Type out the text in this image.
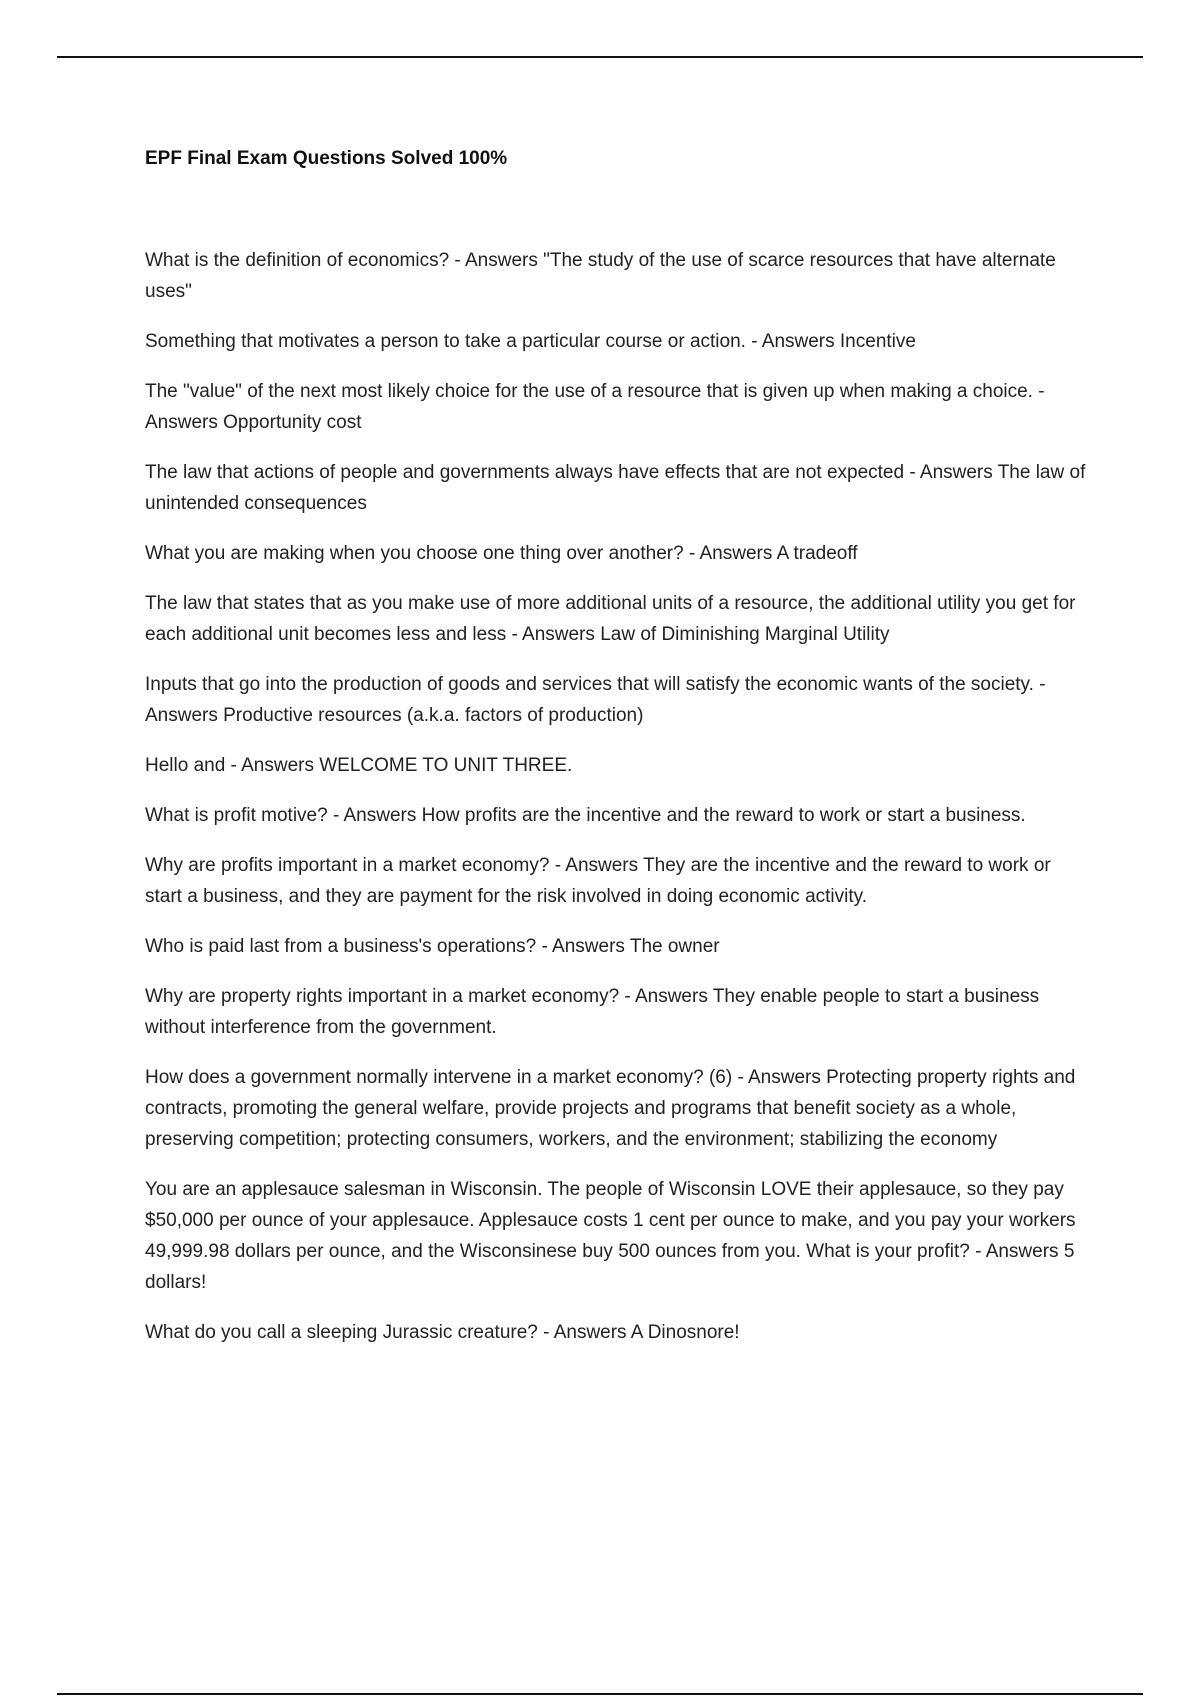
EPF Final Exam Questions Solved 100%

What is the definition of economics? - Answers "The study of the use of scarce resources that have alternate uses"

Something that motivates a person to take a particular course or action. - Answers Incentive

The "value" of the next most likely choice for the use of a resource that is given up when making a choice. - Answers Opportunity cost

The law that actions of people and governments always have effects that are not expected - Answers The law of unintended consequences

What you are making when you choose one thing over another? - Answers A tradeoff

The law that states that as you make use of more additional units of a resource, the additional utility you get for each additional unit becomes less and less - Answers Law of Diminishing Marginal Utility

Inputs that go into the production of goods and services that will satisfy the economic wants of the society. - Answers Productive resources (a.k.a. factors of production)

Hello and - Answers WELCOME TO UNIT THREE.

What is profit motive? - Answers How profits are the incentive and the reward to work or start a business.

Why are profits important in a market economy? - Answers They are the incentive and the reward to work or start a business, and they are payment for the risk involved in doing economic activity.

Who is paid last from a business's operations? - Answers The owner

Why are property rights important in a market economy? - Answers They enable people to start a business without interference from the government.

How does a government normally intervene in a market economy? (6) - Answers Protecting property rights and contracts, promoting the general welfare, provide projects and programs that benefit society as a whole, preserving competition; protecting consumers, workers, and the environment; stabilizing the economy

You are an applesauce salesman in Wisconsin. The people of Wisconsin LOVE their applesauce, so they pay $50,000 per ounce of your applesauce. Applesauce costs 1 cent per ounce to make, and you pay your workers 49,999.98 dollars per ounce, and the Wisconsinese buy 500 ounces from you. What is your profit? - Answers 5 dollars!

What do you call a sleeping Jurassic creature? - Answers A Dinosnore!
